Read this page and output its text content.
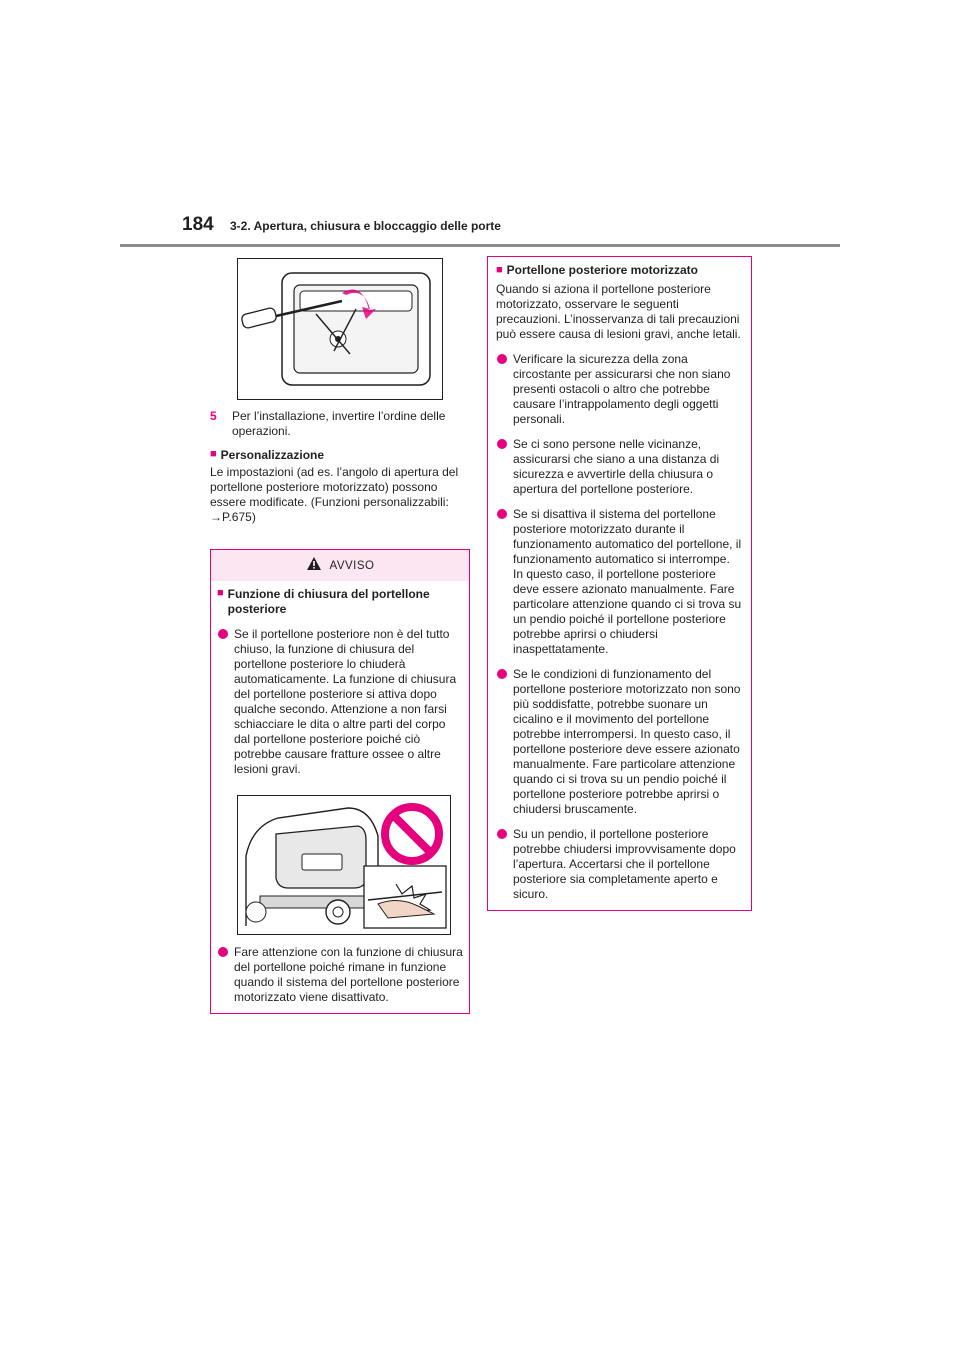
184 3-2. Apertura, chiusura e bloccaggio delle porte
5	Per l’installazione, invertire l’ordine delle operazioni.

■ Personalizzazione

Le impostazioni (ad es. l’angolo di apertura del portellone posteriore motorizzato) possono essere modificate. (Funzioni personalizzabili: →P.675)

AVVISO
■ Funzione di chiusura del portellone posteriore

Se il portellone posteriore non è del tutto chiuso, la funzione di chiusura del portellone posteriore lo chiuderà automaticamente. La funzione di chiusura del portellone posteriore si attiva dopo qualche secondo. Attenzione a non farsi schiacciare le dita o altre parti del corpo dal portellone posteriore poiché ciò potrebbe causare fratture ossee o altre lesioni gravi.

Fare attenzione con la funzione di chiusura del portellone poiché rimane in funzione quando il sistema del portellone posteriore motorizzato viene disattivato.

■ Portellone posteriore motorizzato

Quando si aziona il portellone posteriore motorizzato, osservare le seguenti precauzioni. L’inosservanza di tali precauzioni può essere causa di lesioni gravi, anche letali.

Verificare la sicurezza della zona circostante per assicurarsi che non siano presenti ostacoli o altro che potrebbe causare l’intrappolamento degli oggetti personali.

Se ci sono persone nelle vicinanze, assicurarsi che siano a una distanza di sicurezza e avvertirle della chiusura o apertura del portellone posteriore.

Se si disattiva il sistema del portellone posteriore motorizzato durante il funzionamento automatico del portellone, il funzionamento automatico si interrompe. In questo caso, il portellone posteriore deve essere azionato manualmente. Fare particolare attenzione quando ci si trova su un pendio poiché il portellone posteriore potrebbe aprirsi o chiudersi inaspettatamente.

Se le condizioni di funzionamento del portellone posteriore motorizzato non sono più soddisfatte, potrebbe suonare un cicalino e il movimento del portellone potrebbe interrompersi. In questo caso, il portellone posteriore deve essere azionato manualmente. Fare particolare attenzione quando ci si trova su un pendio poiché il portellone posteriore potrebbe aprirsi o chiudersi bruscamente.

Su un pendio, il portellone posteriore potrebbe chiudersi improvvisamente dopo l’apertura. Accertarsi che il portellone posteriore sia completamente aperto e sicuro.
